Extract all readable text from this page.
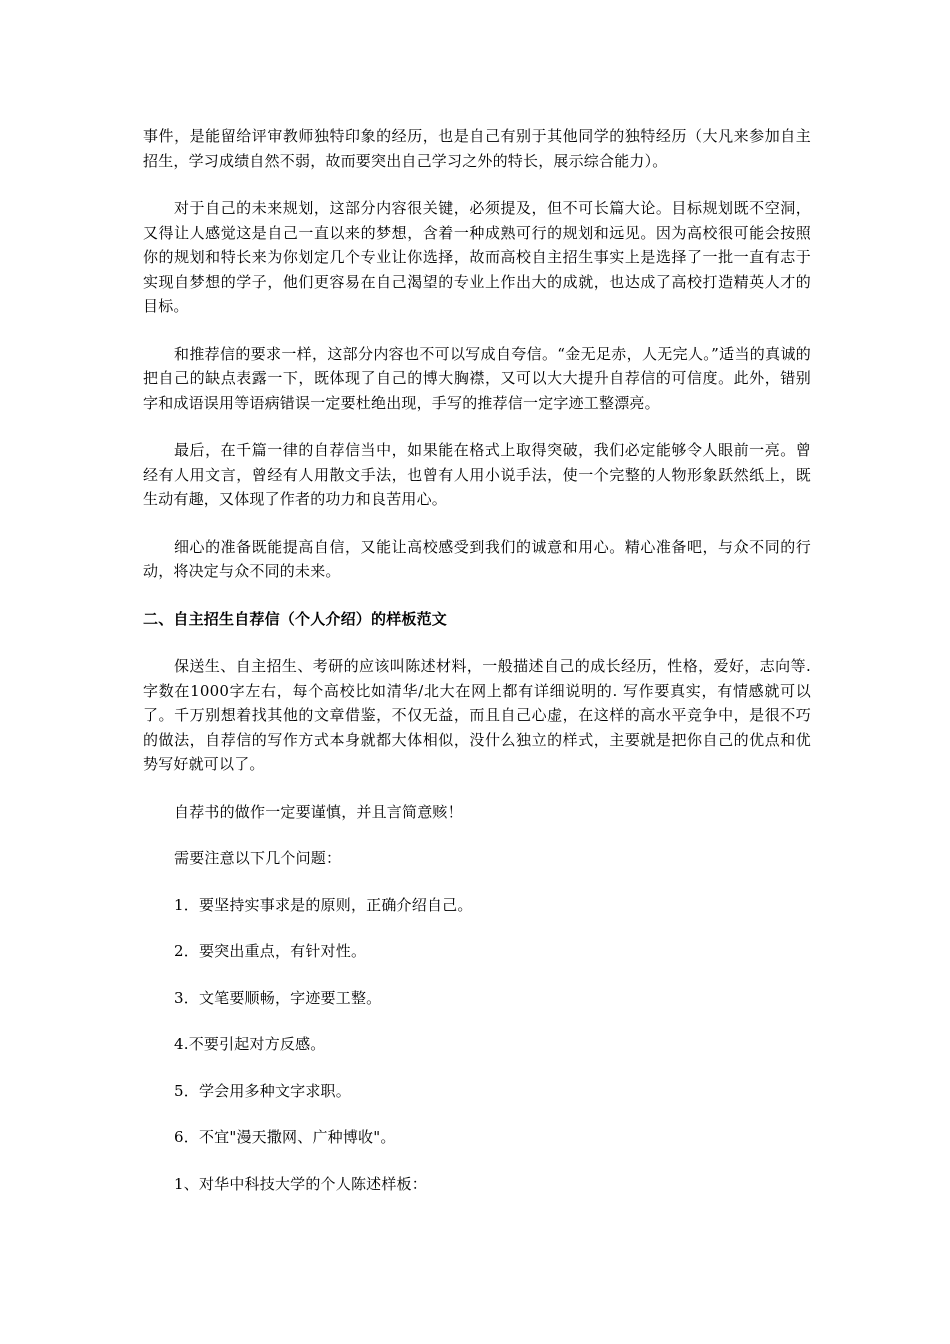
事件，是能留给评审教师独特印象的经历，也是自己有别于其他同学的独特经历（大凡来参加自主招生，学习成绩自然不弱，故而要突出自己学习之外的特长，展示综合能力）。

对于自己的未来规划，这部分内容很关键，必须提及，但不可长篇大论。目标规划既不空洞，又得让人感觉这是自己一直以来的梦想，含着一种成熟可行的规划和远见。因为高校很可能会按照你的规划和特长来为你划定几个专业让你选择，故而高校自主招生事实上是选择了一批一直有志于实现自梦想的学子，他们更容易在自己渴望的专业上作出大的成就，也达成了高校打造精英人才的目标。

和推荐信的要求一样，这部分内容也不可以写成自夸信。“金无足赤，人无完人。”适当的真诚的把自己的缺点表露一下，既体现了自己的博大胸襟，又可以大大提升自荐信的可信度。此外，错别字和成语误用等语病错误一定要杜绝出现，手写的推荐信一定字迹工整漂亮。

最后，在千篇一律的自荐信当中，如果能在格式上取得突破，我们必定能够令人眼前一亮。曾经有人用文言，曾经有人用散文手法，也曾有人用小说手法，使一个完整的人物形象跃然纸上，既生动有趣，又体现了作者的功力和良苦用心。

细心的准备既能提高自信，又能让高校感受到我们的诚意和用心。精心准备吧，与众不同的行动，将决定与众不同的未来。

二、自主招生自荐信（个人介绍）的样板范文

保送生、自主招生、考研的应该叫陈述材料，一般描述自己的成长经历，性格，爱好，志向等. 字数在1000字左右，每个高校比如清华/北大在网上都有详细说明的. 写作要真实，有情感就可以了。千万别想着找其他的文章借鉴，不仅无益，而且自己心虚，在这样的高水平竞争中，是很不巧的做法，自荐信的写作方式本身就都大体相似，没什么独立的样式，主要就是把你自己的优点和优势写好就可以了。

自荐书的做作一定要谨慎，并且言简意赅！

需要注意以下几个问题：

1．要坚持实事求是的原则，正确介绍自己。

2．要突出重点，有针对性。

3．文笔要顺畅，字迹要工整。

4.不要引起对方反感。

5．学会用多种文字求职。

6．不宜"漫天撒网、广种博收"。

1、对华中科技大学的个人陈述样板：
